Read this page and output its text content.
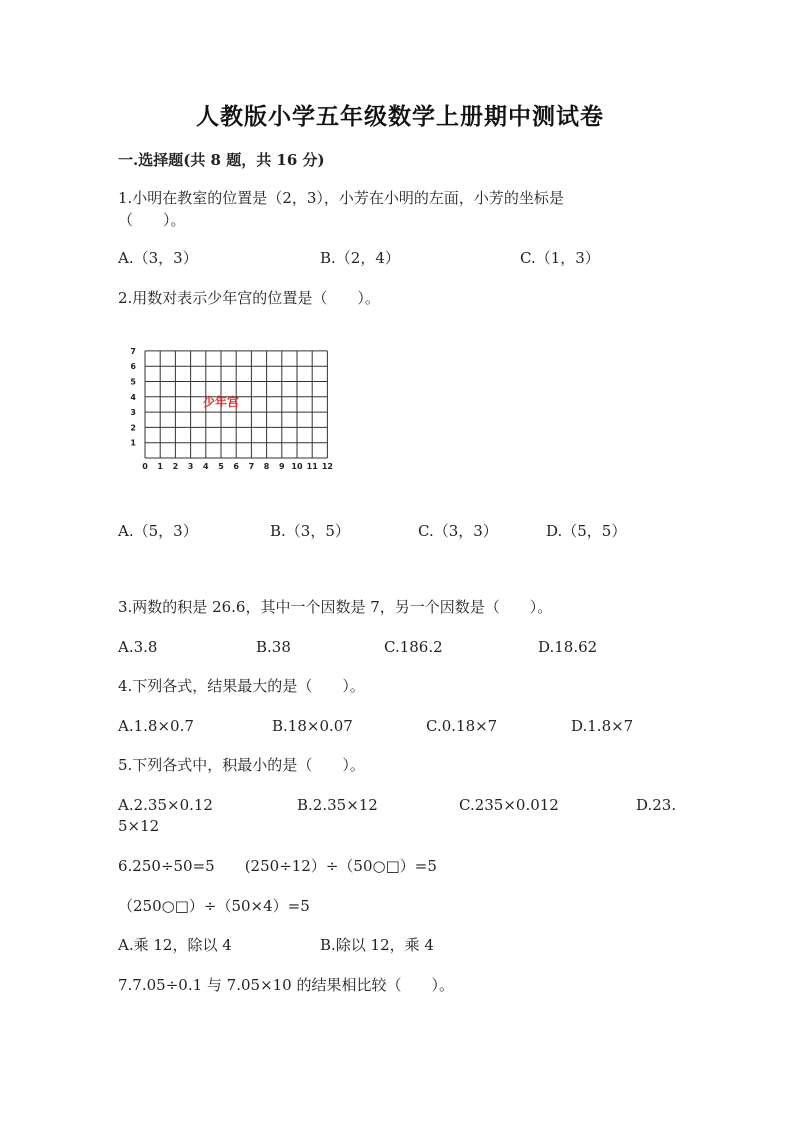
人教版小学五年级数学上册期中测试卷
一.选择题(共 8 题，共 16 分)
1.小明在教室的位置是（2，3），小芳在小明的左面，小芳的坐标是
（　　）。
A.（3，3）	B.（2，4）	C.（1，3）
2.用数对表示少年宫的位置是（　　）。
0 1 2 3 4 5 6 7 8 9 10 11 12
1
2
3
4
5
6
7
少年宫
A.（5，3）	B.（3，5）	C.（3，3）	D.（5，5）
3.两数的积是 26.6，其中一个因数是 7，另一个因数是（　　）。
A.3.8	B.38	C.186.2	D.18.62
4.下列各式，结果最大的是（　　）。
A.1.8×0.7	B.18×0.07	C.0.18×7	D.1.8×7
5.下列各式中，积最小的是（　　）。
A.2.35×0.12	B.2.35×12	C.235×0.012	D.23.
5×12
6.250÷50=5　　(250÷12）÷（50○□）=5
（250○□）÷（50×4）=5
A.乘 12，除以 4	B.除以 12，乘 4
7.7.05÷0.1 与 7.05×10 的结果相比较（　　）。
